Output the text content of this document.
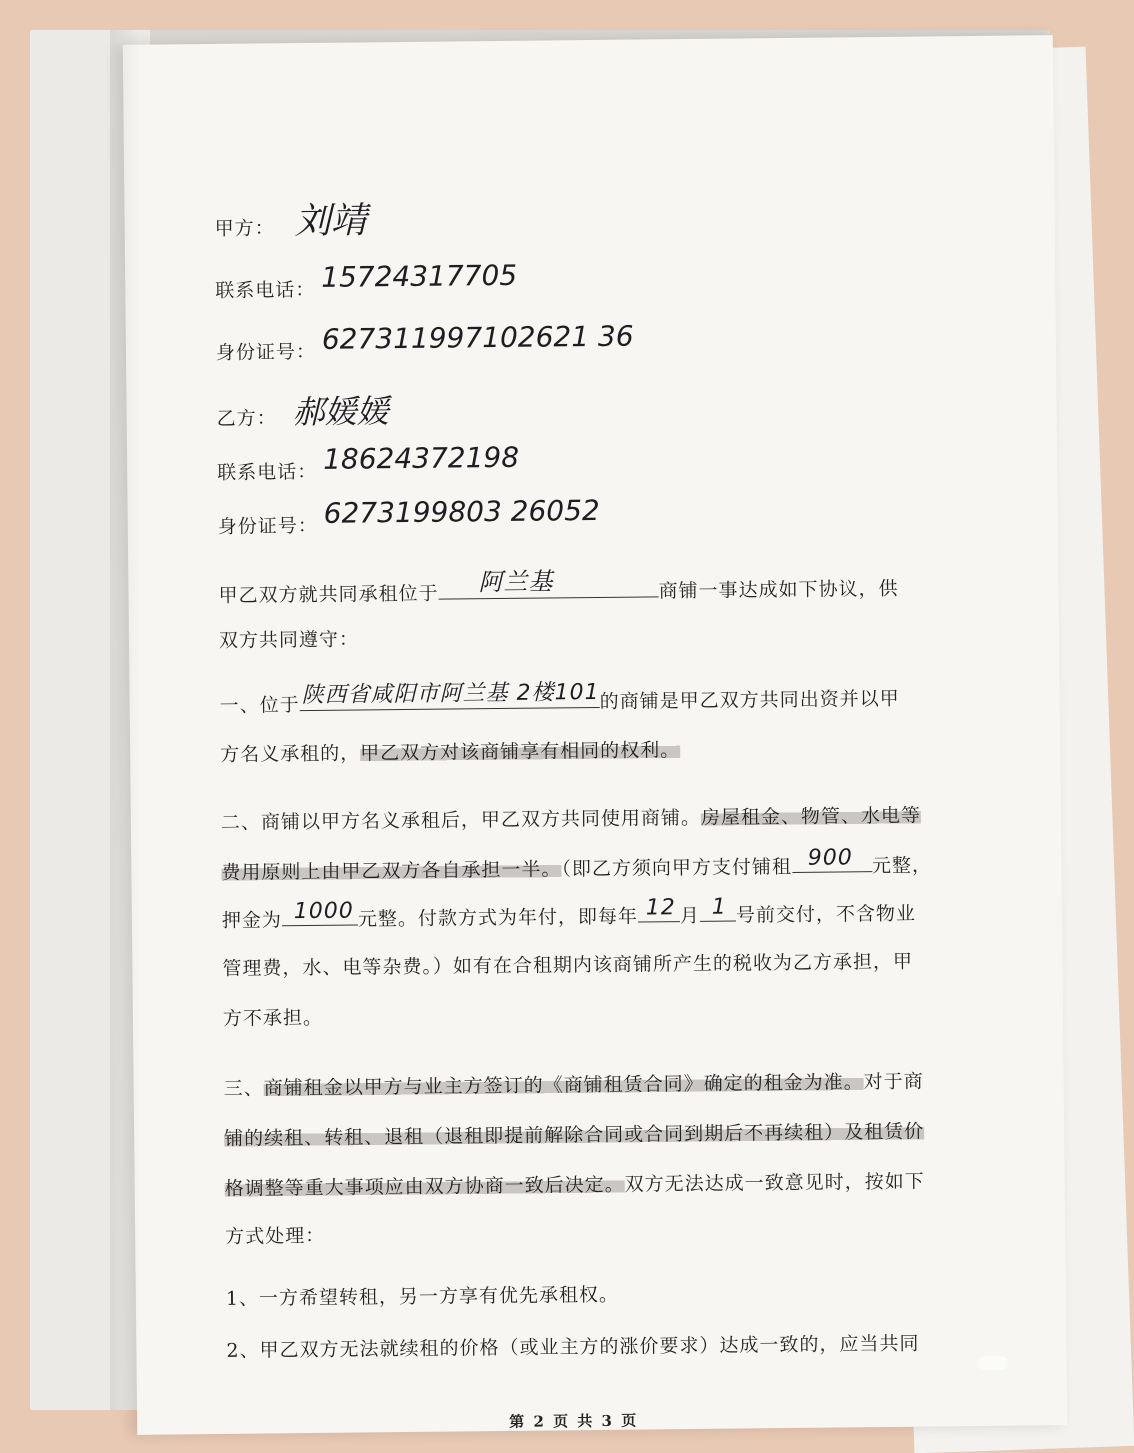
甲方： 刘靖
联系电话： 15724317705
身份证号： 627311997102621 36
乙方： 郝媛媛
联系电话： 18624372198
身份证号： 6273199803 26052
甲乙双方就共同承租位于 阿兰基	商铺一事达成如下协议，供
双方共同遵守：
一、位于 陕西省咸阳市阿兰基 2楼101 的商铺是甲乙双方共同出资并以甲
方名义承租的，甲乙双方对该商铺享有相同的权利。
二、商铺以甲方名义承租后，甲乙双方共同使用商铺。房屋租金、物管、水电等
费用原则上由甲乙双方各自承担一半。（即乙方须向甲方支付铺租 900 元整，
押金为 1000 元整。付款方式为年付，即每年 12 月 1 号前交付，不含物业
管理费，水、电等杂费。）如有在合租期内该商铺所产生的税收为乙方承担，甲
方不承担。
三、商铺租金以甲方与业主方签订的《商铺租赁合同》确定的租金为准。对于商
铺的续租、转租、退租（退租即提前解除合同或合同到期后不再续租）及租赁价
格调整等重大事项应由双方协商一致后决定。双方无法达成一致意见时，按如下
方式处理：
1、一方希望转租，另一方享有优先承租权。
2、甲乙双方无法就续租的价格（或业主方的涨价要求）达成一致的，应当共同
第 2 页 共 3 页
